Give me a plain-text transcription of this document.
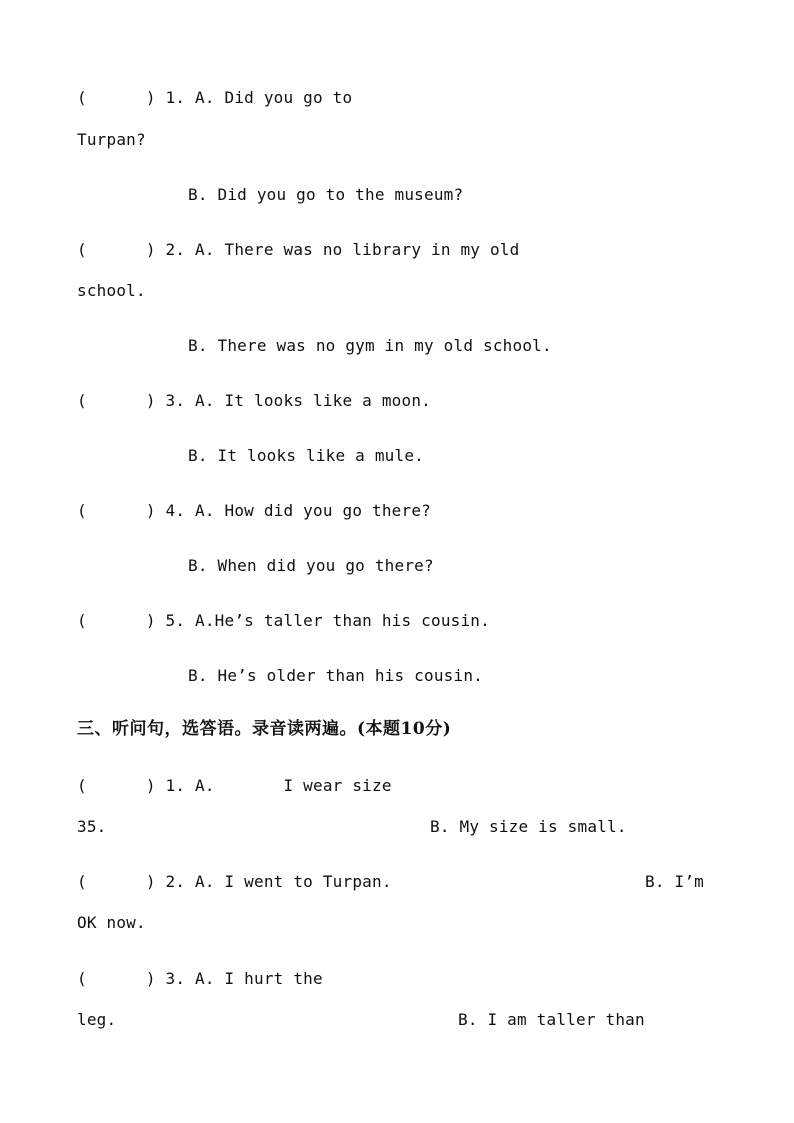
(      ) 1. A. Did you go to
Turpan?
B. Did you go to the museum?
(      ) 2. A. There was no library in my old
school.
B. There was no gym in my old school.
(      ) 3. A. It looks like a moon.
B. It looks like a mule.
(      ) 4. A. How did you go there?
B. When did you go there?
(      ) 5. A.He’s taller than his cousin.
B. He’s older than his cousin.
三、听问句，选答语。录音读两遍。(本题10分)
(      ) 1. A.       I wear size
35.	B. My size is small.
(      ) 2. A. I went to Turpan.	B. I’m
OK now.
(      ) 3. A. I hurt the
leg.	B. I am taller than
